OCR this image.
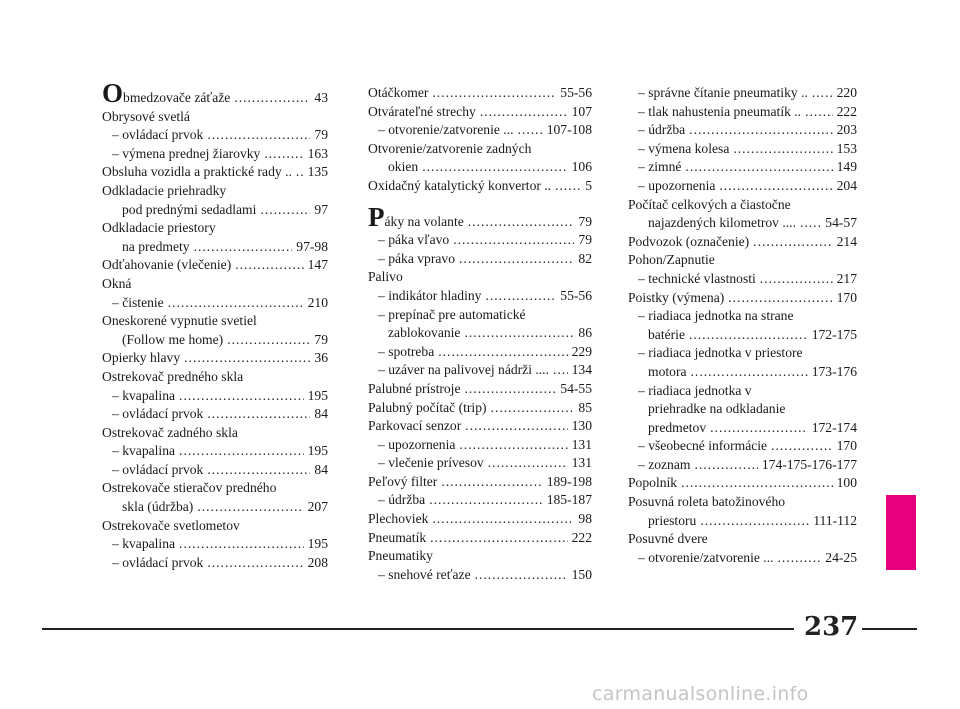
Obmedzovače záťaže .....	43
Obrysové svetlá
– ovládací prvok .....	79
– výmena prednej žiarovky .....	163
Obsluha vozidla a praktické rady .. ..... 135
Odkladacie priehradky
pod prednými sedadlami .....	97
Odkladacie priestory
na predmety .....	97-98
Odťahovanie (vlečenie) .....	147
Okná
– čistenie .....	210
Oneskorené vypnutie svetiel
(Follow me home) .....	79
Opierky hlavy .....	36
Ostrekovač predného skla
– kvapalina .....	195
– ovládací prvok .....	84
Ostrekovač zadného skla
– kvapalina .....	195
– ovládací prvok .....	84
Ostrekovače stieračov predného
skla (údržba) .....	207
Ostrekovače svetlometov
– kvapalina .....	195
– ovládací prvok .....	208
Otáčkomer .....	55-56
Otvárateľné strechy .....	107
– otvorenie/zatvorenie ... ..... 107-108
Otvorenie/zatvorenie zadných
okien .....	106
Oxidačný katalytický konvertor .. .....	5
Páky na volante .....	79
– páka vľavo .....	79
– páka vpravo .....	82
Palivo
– indikátor hladiny .....	55-56
– prepínač pre automatické
zablokovanie .....	86
– spotreba .....	229
– uzáver na palivovej nádrži .... ..... 134
Palubné prístroje .....	54-55
Palubný počítač (trip) .....	85
Parkovací senzor .....	130
– upozornenia .....	131
– vlečenie prívesov .....	131
Peľový filter .....	189-198
– údržba .....	185-187
Plechoviek .....	98
Pneumatík .....	222
Pneumatiky
– snehové reťaze .....	150
– správne čítanie pneumatiky .. ..... 220
– tlak nahustenia pneumatík .. .....	222
– údržba .....	203
– výmena kolesa .....	153
– zimné .....	149
– upozornenia .....	204
Počítač celkových a čiastočne
najazdených kilometrov .... ..... 54-57
Podvozok (označenie) .....	214
Pohon/Zapnutie
– technické vlastnosti .....	217
Poistky (výmena) .....	170
– riadiaca jednotka na strane
batérie .....	172-175
– riadiaca jednotka v priestore
motora .....	173-176
– riadiaca jednotka v
priehradke na odkladanie
predmetov .....	172-174
– všeobecné informácie .....	170
– zoznam .....	174-175-176-177
Popolník .....	100
Posuvná roleta batožinového
priestoru .....	111-112
Posuvné dvere
– otvorenie/zatvorenie ... .....	24-25
237
carmanualsonline.info
